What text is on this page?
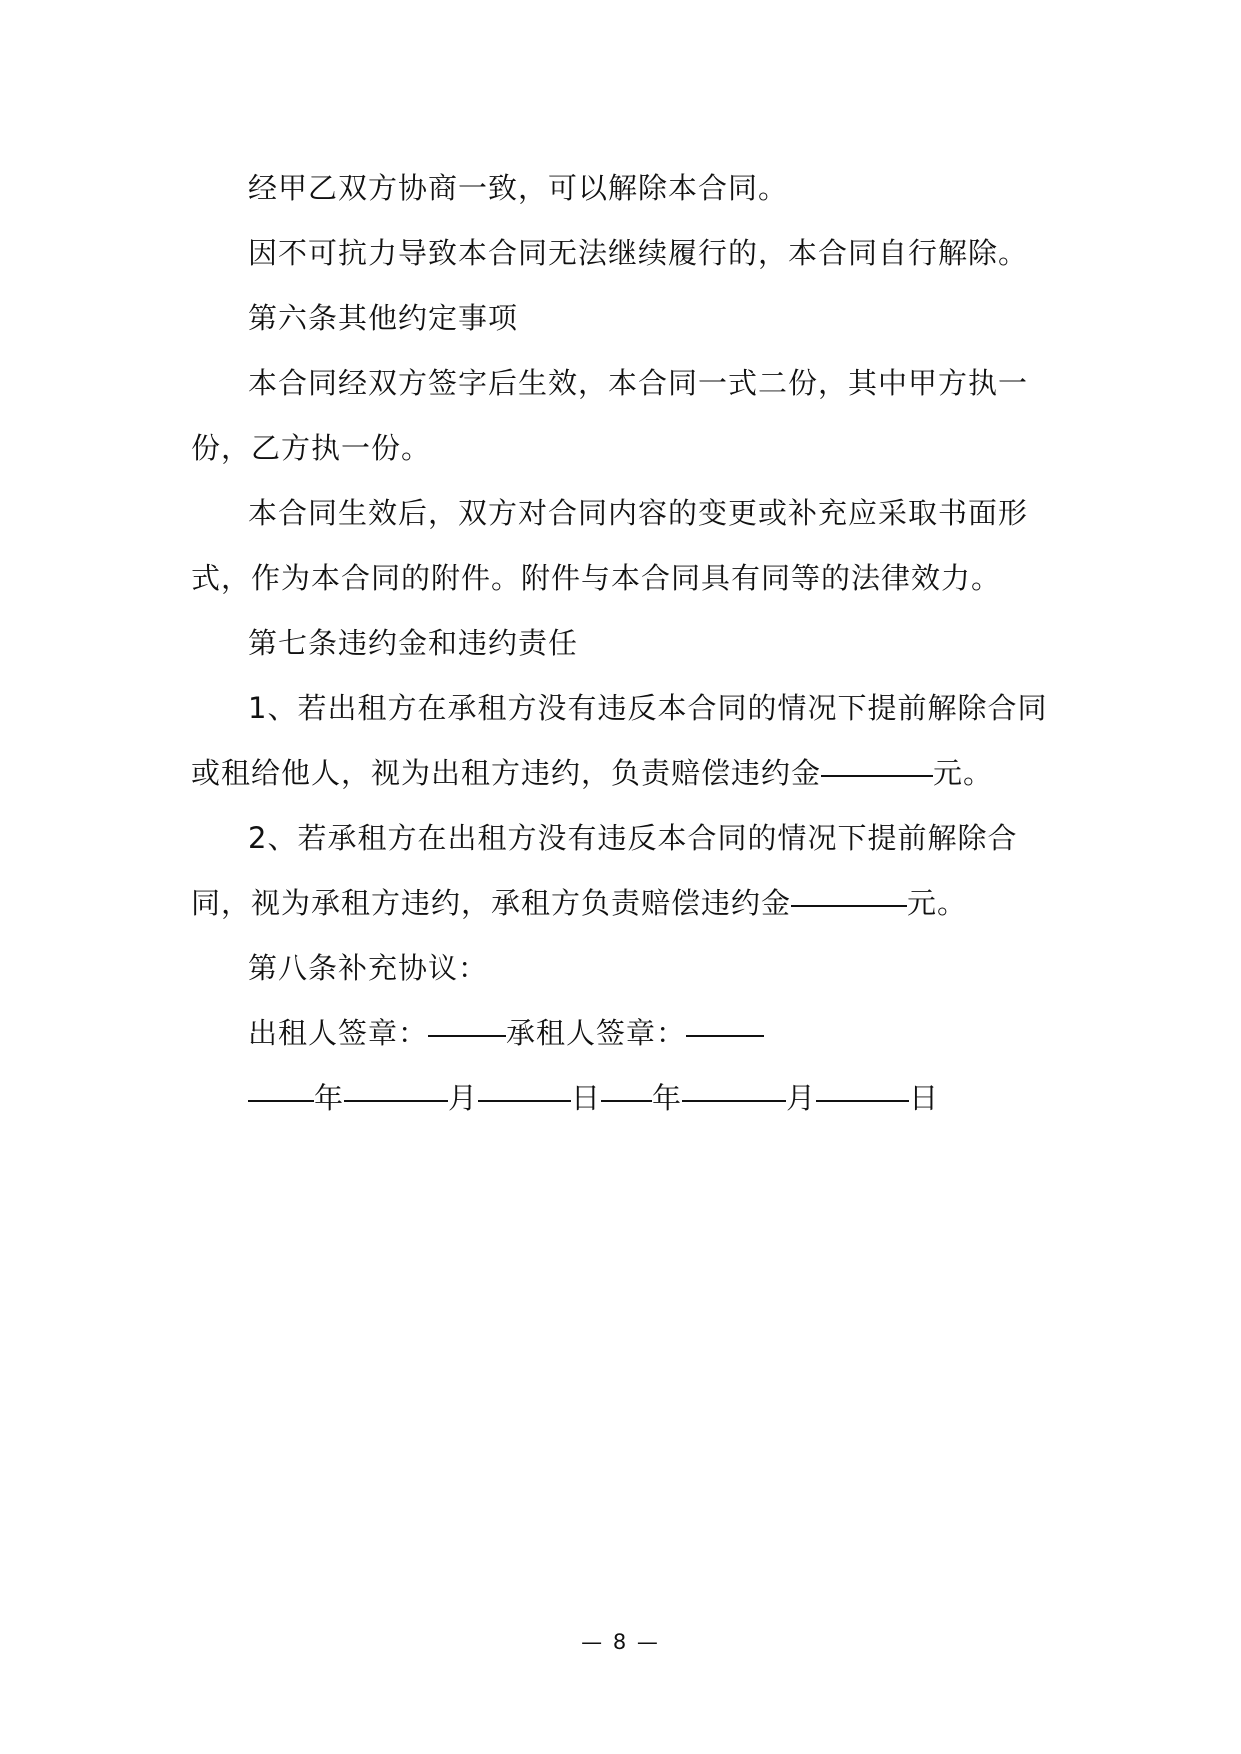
经甲乙双方协商一致，可以解除本合同。

因不可抗力导致本合同无法继续履行的，本合同自行解除。

第六条其他约定事项

本合同经双方签字后生效，本合同一式二份，其中甲方执一份，乙方执一份。

本合同生效后，双方对合同内容的变更或补充应采取书面形式，作为本合同的附件。附件与本合同具有同等的法律效力。

第七条违约金和违约责任

1、若出租方在承租方没有违反本合同的情况下提前解除合同或租给他人，视为出租方违约，负责赔偿违约金	元。

2、若承租方在出租方没有违反本合同的情况下提前解除合同，视为承租方违约，承租方负责赔偿违约金	元。

第八条补充协议：

出租人签章：	承租人签章：

年	月	日 年	月	日

— 8 —
